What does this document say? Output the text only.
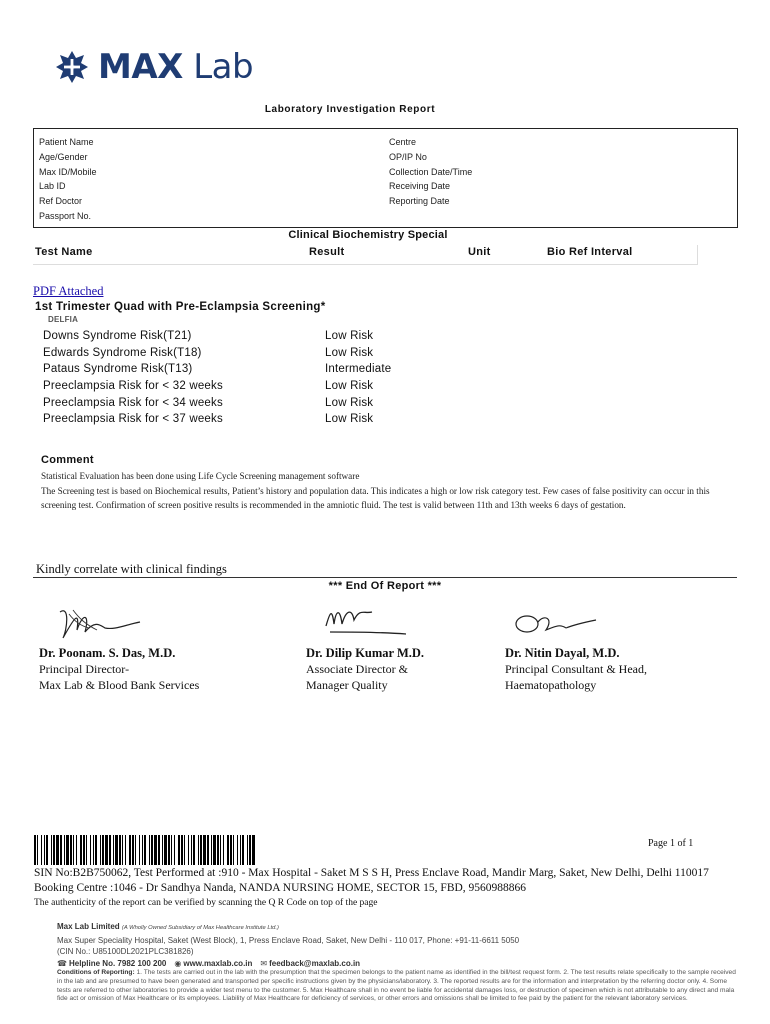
MAX Lab
Laboratory Investigation Report
Patient Name
Age/Gender
Max ID/Mobile
Lab ID
Ref Doctor
Passport No.
Centre
OP/IP No
Collection Date/Time
Receiving Date
Reporting Date
Clinical Biochemistry Special
Test Name	Result	Unit	Bio Ref Interval
PDF Attached
1st Trimester Quad with Pre-Eclampsia Screening*
DELFIA
Downs Syndrome Risk(T21)	Low Risk
Edwards Syndrome Risk(T18)	Low Risk
Pataus Syndrome Risk(T13)	Intermediate
Preeclampsia Risk for < 32 weeks	Low Risk
Preeclampsia Risk for < 34 weeks	Low Risk
Preeclampsia Risk for < 37 weeks	Low Risk
Comment
Statistical Evaluation has been done using Life Cycle Screening management software
The Screening test is based on Biochemical results, Patient’s history and population data. This indicates a high or low risk category test. Few cases of false positivity can occur in this screening test. Confirmation of screen positive results is recommended in the amniotic fluid. The test is valid between 11th and 13th weeks 6 days of gestation.
Kindly correlate with clinical findings
*** End Of Report ***
Dr. Poonam. S. Das, M.D.
Principal Director-
Max Lab & Blood Bank Services
Dr. Dilip Kumar M.D.
Associate Director &
Manager Quality
Dr. Nitin Dayal, M.D.
Principal Consultant & Head,
Haematopathology
Page 1 of 1
SIN No:B2B750062, Test Performed at :910 - Max Hospital - Saket M S S H, Press Enclave Road, Mandir Marg, Saket, New Delhi, Delhi 110017
Booking Centre :1046 - Dr Sandhya Nanda, NANDA NURSING HOME, SECTOR 15, FBD, 9560988866
The authenticity of the report can be verified by scanning the Q R Code on top of the page
Max Lab Limited (A Wholly Owned Subsidiary of Max Healthcare Institute Ltd.)
Max Super Speciality Hospital, Saket (West Block), 1, Press Enclave Road, Saket, New Delhi - 110 017, Phone: +91-11-6611 5050
(CIN No.: U85100DL2021PLC381826)
☎ Helpline No. 7982 100 200 ◉ www.maxlab.co.in ✉ feedback@maxlab.co.in
Conditions of Reporting: 1. The tests are carried out in the lab with the presumption that the specimen belongs to the patient name as identified in the bill/test request form. 2. The test results relate specifically to the sample received in the lab and are presumed to have been generated and transported per specific instructions given by the physicians/laboratory. 3. The reported results are for the information and interpretation by the referring doctor only. 4. Some tests are referred to other laboratories to provide a wider test menu to the customer. 5. Max Healthcare shall in no event be liable for accidental damages loss, or destruction of specimen which is not attributable to any direct and mala fide act or omission of Max Healthcare or its employees. Liability of Max Healthcare for deficiency of services, or other errors and omissions shall be limited to fee paid by the patient for the relevant laboratory services.
